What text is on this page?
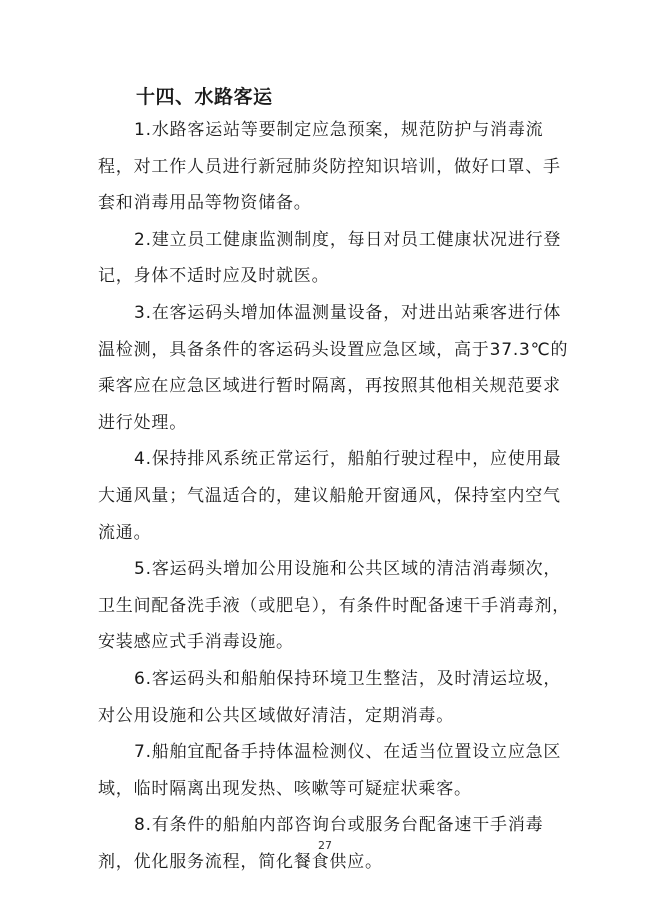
十四、水路客运

1.水路客运站等要制定应急预案，规范防护与消毒流
程，对工作人员进行新冠肺炎防控知识培训，做好口罩、手
套和消毒用品等物资储备。

2.建立员工健康监测制度，每日对员工健康状况进行登
记，身体不适时应及时就医。

3.在客运码头增加体温测量设备，对进出站乘客进行体
温检测，具备条件的客运码头设置应急区域，高于37.3℃的
乘客应在应急区域进行暂时隔离，再按照其他相关规范要求
进行处理。

4.保持排风系统正常运行，船舶行驶过程中，应使用最
大通风量；气温适合的，建议船舱开窗通风，保持室内空气
流通。

5.客运码头增加公用设施和公共区域的清洁消毒频次，
卫生间配备洗手液（或肥皂），有条件时配备速干手消毒剂，
安装感应式手消毒设施。

6.客运码头和船舶保持环境卫生整洁，及时清运垃圾，
对公用设施和公共区域做好清洁，定期消毒。

7.船舶宜配备手持体温检测仪、在适当位置设立应急区
域，临时隔离出现发热、咳嗽等可疑症状乘客。

8.有条件的船舶内部咨询台或服务台配备速干手消毒
剂，优化服务流程，简化餐食供应。

27
